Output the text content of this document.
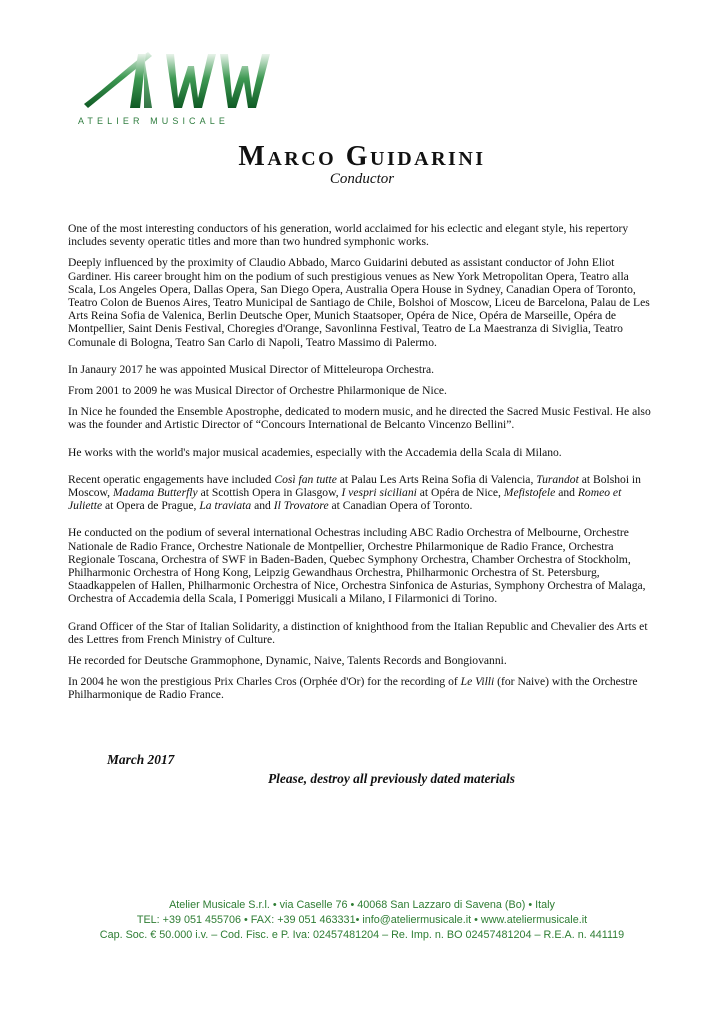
ATELIER MUSICALE
Marco Guidarini
Conductor

One of the most interesting conductors of his generation, world acclaimed for his eclectic and elegant style, his repertory includes seventy operatic titles and more than two hundred symphonic works.

Deeply influenced by the proximity of Claudio Abbado, Marco Guidarini debuted as assistant conductor of John Eliot Gardiner. His career brought him on the podium of such prestigious venues as New York Metropolitan Opera, Teatro alla Scala, Los Angeles Opera, Dallas Opera, San Diego Opera, Australia Opera House in Sydney, Canadian Opera of Toronto, Teatro Colon de Buenos Aires, Teatro Municipal de Santiago de Chile, Bolshoi of Moscow, Liceu de Barcelona, Palau de Les Arts Reina Sofia de Valenica, Berlin Deutsche Oper, Munich Staatsoper, Opéra de Nice, Opéra de Marseille, Opéra de Montpellier, Saint Denis Festival, Choregies d'Orange, Savonlinna Festival, Teatro de La Maestranza di Siviglia, Teatro Comunale di Bologna, Teatro San Carlo di Napoli, Teatro Massimo di Palermo.

In Janaury 2017 he was appointed Musical Director of Mitteleuropa Orchestra.

From 2001 to 2009 he was Musical Director of Orchestre Philarmonique de Nice.

In Nice he founded the Ensemble Apostrophe, dedicated to modern music, and he directed the Sacred Music Festival. He also was the founder and Artistic Director of “Concours International de Belcanto Vincenzo Bellini”.

He works with the world's major musical academies, especially with the Accademia della Scala di Milano.

Recent operatic engagements have included Così fan tutte at Palau Les Arts Reina Sofia di Valencia, Turandot at Bolshoi in Moscow, Madama Butterfly at Scottish Opera in Glasgow, I vespri siciliani at Opéra de Nice, Mefistofele and Romeo et Juliette at Opera de Prague, La traviata and Il Trovatore at Canadian Opera of Toronto.

He conducted on the podium of several international Ochestras including ABC Radio Orchestra of Melbourne, Orchestre Nationale de Radio France, Orchestre Nationale de Montpellier, Orchestre Philarmonique de Radio France, Orchestra Regionale Toscana, Orchestra of SWF in Baden-Baden, Quebec Symphony Orchestra, Chamber Orchestra of Stockholm, Philharmonic Orchestra of Hong Kong, Leipzig Gewandhaus Orchestra, Philharmonic Orchestra of St. Petersburg, Staadkappelen of Hallen, Philharmonic Orchestra of Nice, Orchestra Sinfonica de Asturias, Symphony Orchestra of Malaga, Orchestra of Accademia della Scala, I Pomeriggi Musicali a Milano, I Filarmonici di Torino.

Grand Officer of the Star of Italian Solidarity, a distinction of knighthood from the Italian Republic and Chevalier des Arts et des Lettres from French Ministry of Culture.

He recorded for Deutsche Grammophone, Dynamic, Naive, Talents Records and Bongiovanni.

In 2004 he won the prestigious Prix Charles Cros (Orphée d'Or) for the recording of Le Villi (for Naive) with the Orchestre Philharmonique de Radio France.

March 2017
Please, destroy all previously dated materials
Atelier Musicale S.r.l. • via Caselle 76 • 40068 San Lazzaro di Savena (Bo) • Italy
TEL: +39 051 455706 • FAX: +39 051 463331• info@ateliermusicale.it • www.ateliermusicale.it
Cap. Soc. € 50.000 i.v. – Cod. Fisc. e P. Iva: 02457481204 – Re. Imp. n. BO 02457481204 – R.E.A. n. 441119
